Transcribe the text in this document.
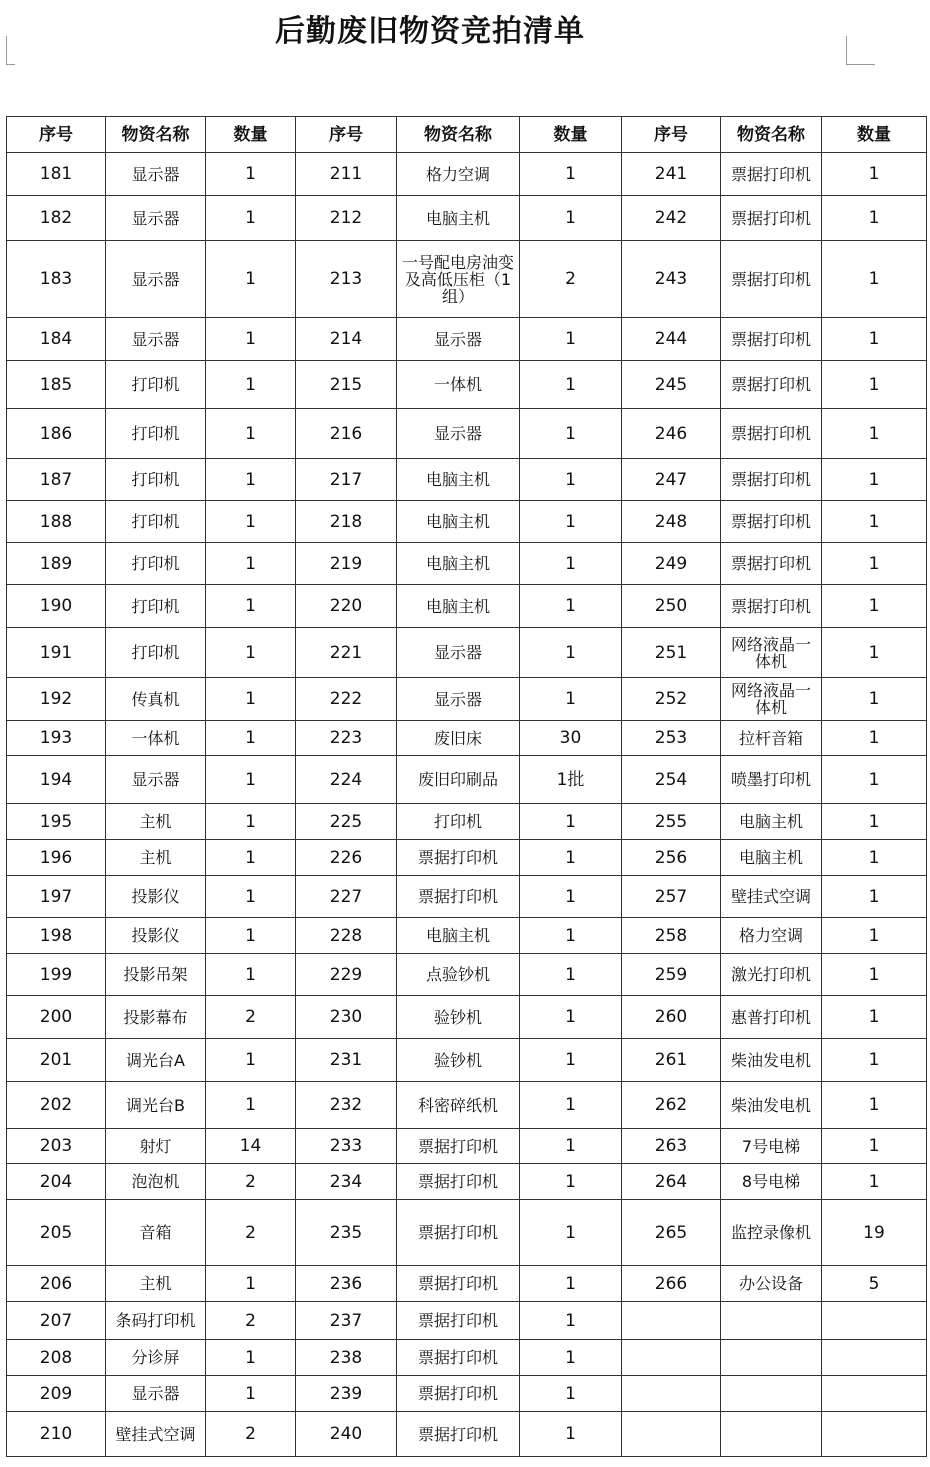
后勤废旧物资竞拍清单
序号	物资名称	数量	序号	物资名称	数量	序号	物资名称	数量
181	显示器	1	211	格力空调	1	241	票据打印机	1
182	显示器	1	212	电脑主机	1	242	票据打印机	1
183	显示器	1	213	一号配电房油变及高低压柜（1组）	2	243	票据打印机	1
184	显示器	1	214	显示器	1	244	票据打印机	1
185	打印机	1	215	一体机	1	245	票据打印机	1
186	打印机	1	216	显示器	1	246	票据打印机	1
187	打印机	1	217	电脑主机	1	247	票据打印机	1
188	打印机	1	218	电脑主机	1	248	票据打印机	1
189	打印机	1	219	电脑主机	1	249	票据打印机	1
190	打印机	1	220	电脑主机	1	250	票据打印机	1
191	打印机	1	221	显示器	1	251	网络液晶一体机	1
192	传真机	1	222	显示器	1	252	网络液晶一体机	1
193	一体机	1	223	废旧床	30	253	拉杆音箱	1
194	显示器	1	224	废旧印刷品	1批	254	喷墨打印机	1
195	主机	1	225	打印机	1	255	电脑主机	1
196	主机	1	226	票据打印机	1	256	电脑主机	1
197	投影仪	1	227	票据打印机	1	257	壁挂式空调	1
198	投影仪	1	228	电脑主机	1	258	格力空调	1
199	投影吊架	1	229	点验钞机	1	259	激光打印机	1
200	投影幕布	2	230	验钞机	1	260	惠普打印机	1
201	调光台A	1	231	验钞机	1	261	柴油发电机	1
202	调光台B	1	232	科密碎纸机	1	262	柴油发电机	1
203	射灯	14	233	票据打印机	1	263	7号电梯	1
204	泡泡机	2	234	票据打印机	1	264	8号电梯	1
205	音箱	2	235	票据打印机	1	265	监控录像机	19
206	主机	1	236	票据打印机	1	266	办公设备	5
207	条码打印机	2	237	票据打印机	1			
208	分诊屏	1	238	票据打印机	1			
209	显示器	1	239	票据打印机	1			
210	壁挂式空调	2	240	票据打印机	1			
